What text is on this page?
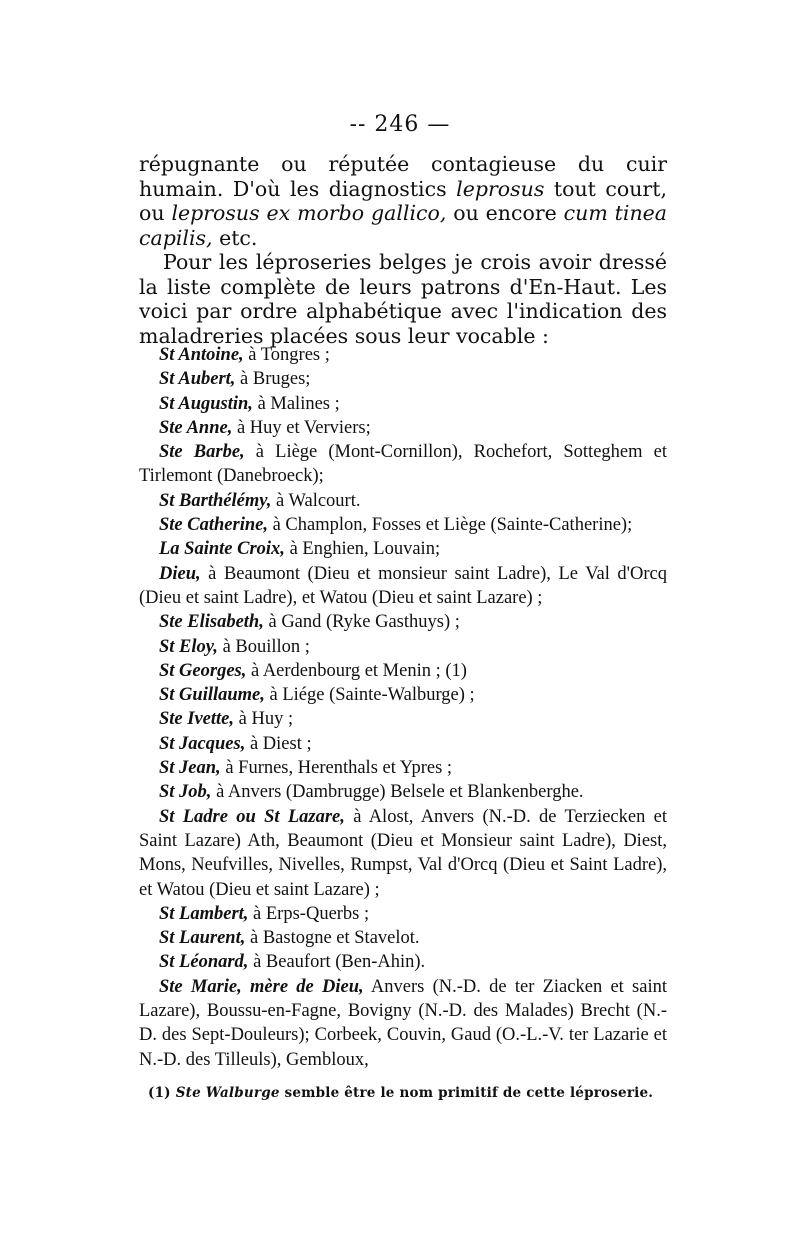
-- 246 —

répugnante ou réputée contagieuse du cuir humain. D'où les diagnostics leprosus tout court, ou leprosus ex morbo gallico, ou encore cum tinea capilis, etc.

Pour les léproseries belges je crois avoir dressé la liste complète de leurs patrons d'En-Haut. Les voici par ordre alphabétique avec l'indication des maladreries placées sous leur vocable :

St Antoine, à Tongres ;
St Aubert, à Bruges;
St Augustin, à Malines ;
Ste Anne, à Huy et Verviers;
Ste Barbe, à Liège (Mont-Cornillon), Rochefort, Sotteghem et Tirlemont (Danebroeck);
St Barthélémy, à Walcourt.
Ste Catherine, à Champlon, Fosses et Liège (Sainte-Catherine);
La Sainte Croix, à Enghien, Louvain;
Dieu, à Beaumont (Dieu et monsieur saint Ladre), Le Val d'Orcq (Dieu et saint Ladre), et Watou (Dieu et saint Lazare) ;
Ste Elisabeth, à Gand (Ryke Gasthuys) ;
St Eloy, à Bouillon ;
St Georges, à Aerdenbourg et Menin ; (1)
St Guillaume, à Liége (Sainte-Walburge) ;
Ste Ivette, à Huy ;
St Jacques, à Diest ;
St Jean, à Furnes, Herenthals et Ypres ;
St Job, à Anvers (Dambrugge) Belsele et Blankenberghe.
St Ladre ou St Lazare, à Alost, Anvers (N.-D. de Terziecken et Saint Lazare) Ath, Beaumont (Dieu et Monsieur saint Ladre), Diest, Mons, Neufvilles, Nivelles, Rumpst, Val d'Orcq (Dieu et Saint Ladre), et Watou (Dieu et saint Lazare) ;
St Lambert, à Erps-Querbs ;
St Laurent, à Bastogne et Stavelot.
St Léonard, à Beaufort (Ben-Ahin).
Ste Marie, mère de Dieu, Anvers (N.-D. de ter Ziacken et saint Lazare), Boussu-en-Fagne, Bovigny (N.-D. des Malades) Brecht (N.-D. des Sept-Douleurs); Corbeek, Couvin, Gaud (O.-L.-V. ter Lazarie et N.-D. des Tilleuls), Gembloux,
(1) Ste Walburge semble être le nom primitif de cette léproserie.
